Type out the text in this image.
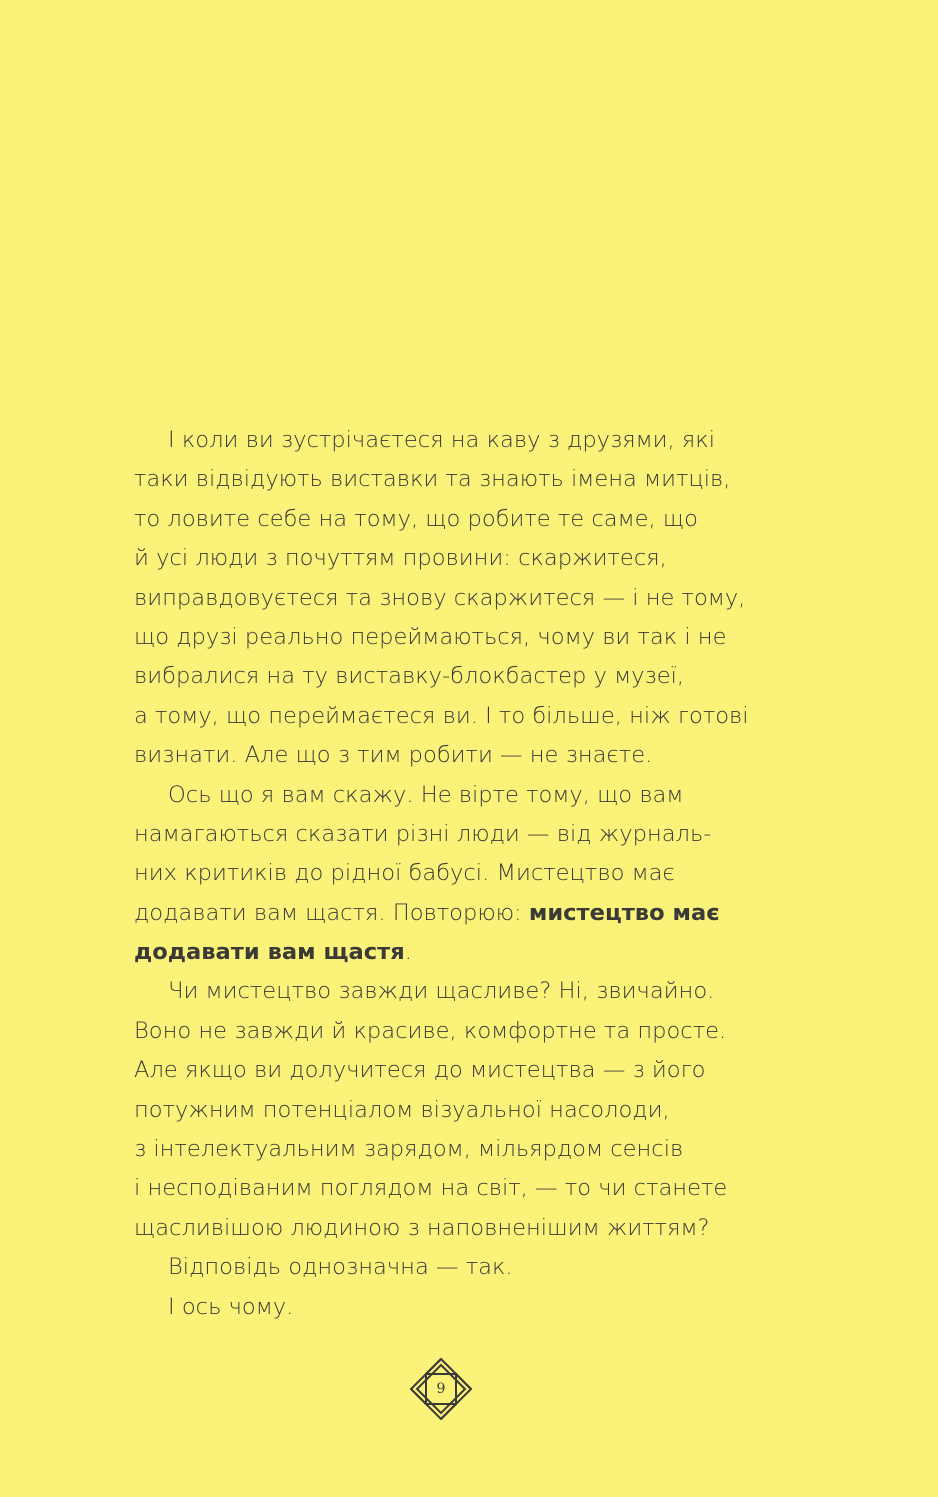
І коли ви зустрічаєтеся на каву з друзями, які
таки відвідують виставки та знають імена митців,
то ловите себе на тому, що робите те саме, що
й усі люди з почуттям провини: скаржитеся,
виправдовуєтеся та знову скаржитеся — і не тому,
що друзі реально переймаються, чому ви так і не
вибралися на ту виставку-блокбастер у музеї,
а тому, що переймаєтеся ви. І то більше, ніж готові
визнати. Але що з тим робити — не знаєте.
Ось що я вам скажу. Не вірте тому, що вам
намагаються сказати різні люди — від журналь-
них критиків до рідної бабусі. Мистецтво має
додавати вам щастя. Повторюю: мистецтво має
додавати вам щастя.
Чи мистецтво завжди щасливе? Ні, звичайно.
Воно не завжди й красиве, комфортне та просте.
Але якщо ви долучитеся до мистецтва — з його
потужним потенціалом візуальної насолоди,
з інтелектуальним зарядом, мільярдом сенсів
і несподіваним поглядом на світ, — то чи станете
щасливішою людиною з наповненішим життям?
Відповідь однозначна — так.
І ось чому.
9
